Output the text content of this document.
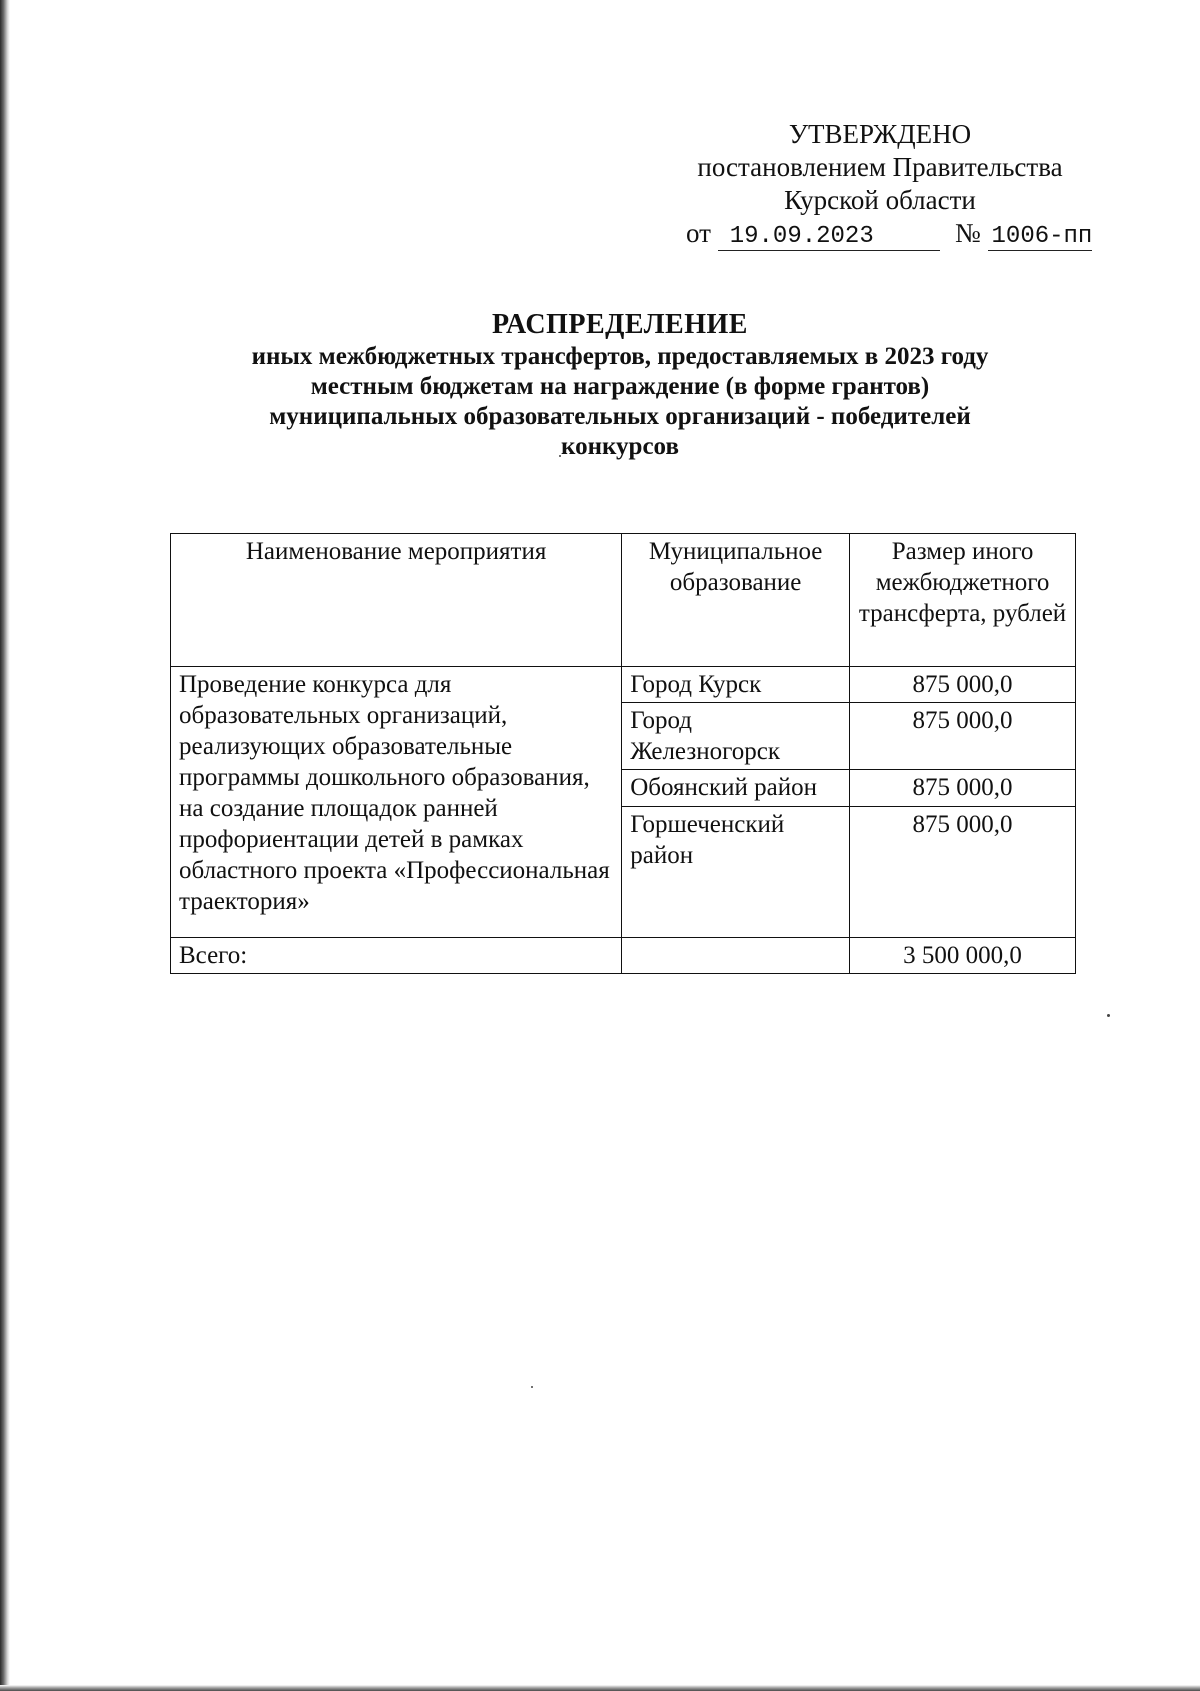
УТВЕРЖДЕНО
постановлением Правительства
Курской области
от 19.09.2023	№ 1006-пп
РАСПРЕДЕЛЕНИЕ
иных межбюджетных трансфертов, предоставляемых в 2023 году
местным бюджетам на награждение (в форме грантов)
муниципальных образовательных организаций - победителей
конкурсов
Наименование мероприятия	Муниципальное образование	Размер иного межбюджетного трансферта, рублей
Проведение конкурса для образовательных организаций, реализующих образовательные программы дошкольного образования, на создание площадок ранней профориентации детей в рамках областного проекта «Профессиональная траектория»	Город Курск	875 000,0
	Город Железногорск	875 000,0
	Обоянский район	875 000,0
	Горшеченский район	875 000,0
Всего:		3 500 000,0
